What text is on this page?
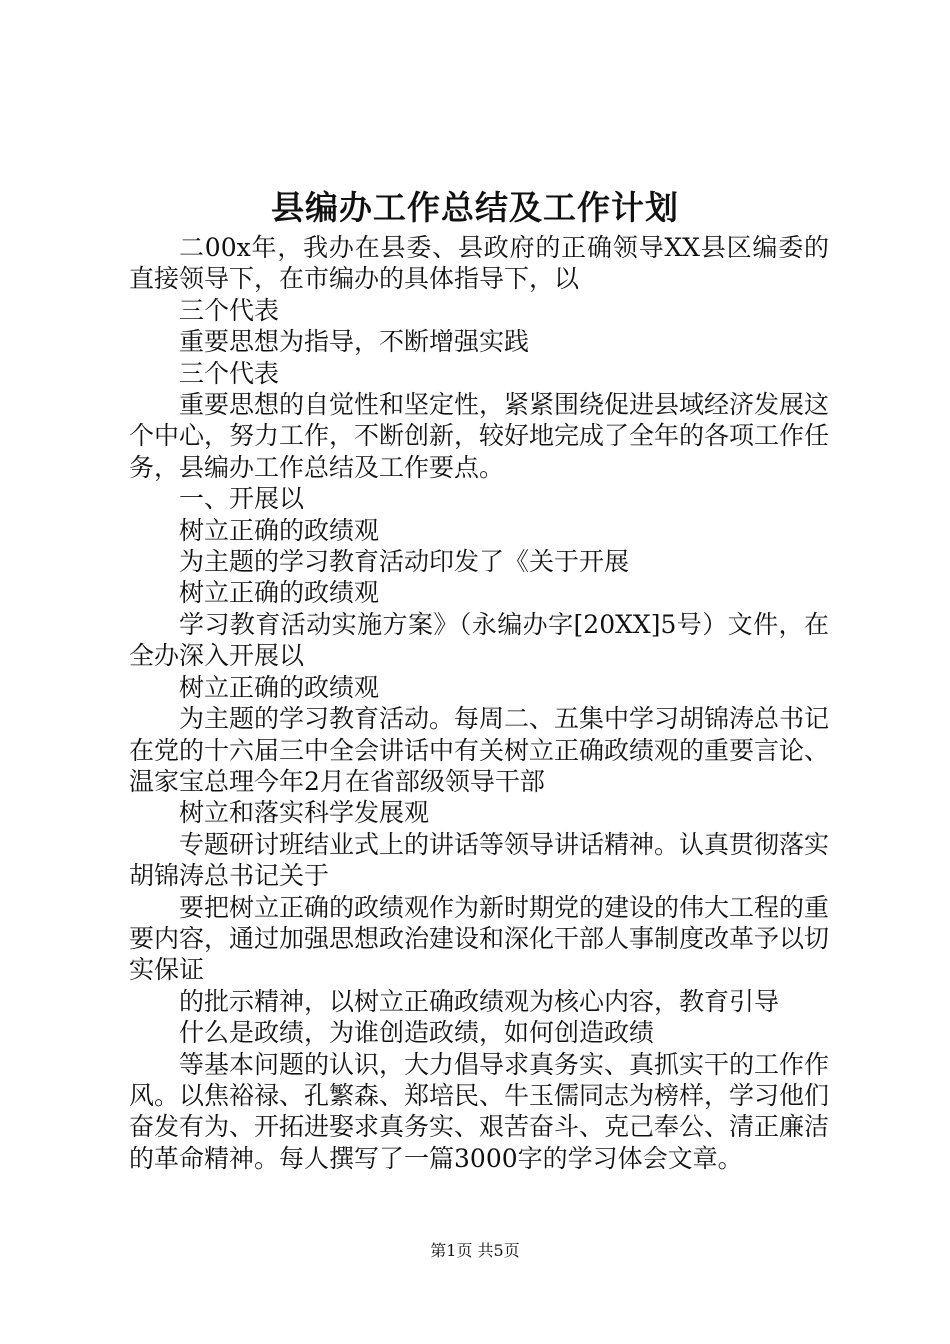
县编办工作总结及工作计划

二00x年，我办在县委、县政府的正确领导XX县区编委的直接领导下，在市编办的具体指导下，以

三个代表

重要思想为指导，不断增强实践

三个代表

重要思想的自觉性和坚定性，紧紧围绕促进县域经济发展这个中心，努力工作，不断创新，较好地完成了全年的各项工作任务，县编办工作总结及工作要点。

一、开展以

树立正确的政绩观

为主题的学习教育活动印发了《关于开展

树立正确的政绩观

学习教育活动实施方案》（永编办字[20XX]5号）文件，在全办深入开展以

树立正确的政绩观

为主题的学习教育活动。每周二、五集中学习胡锦涛总书记在党的十六届三中全会讲话中有关树立正确政绩观的重要言论、温家宝总理今年2月在省部级领导干部

树立和落实科学发展观

专题研讨班结业式上的讲话等领导讲话精神。认真贯彻落实胡锦涛总书记关于

要把树立正确的政绩观作为新时期党的建设的伟大工程的重要内容，通过加强思想政治建设和深化干部人事制度改革予以切实保证

的批示精神，以树立正确政绩观为核心内容，教育引导

什么是政绩，为谁创造政绩，如何创造政绩

等基本问题的认识，大力倡导求真务实、真抓实干的工作作风。以焦裕禄、孔繁森、郑培民、牛玉儒同志为榜样，学习他们奋发有为、开拓进娶求真务实、艰苦奋斗、克己奉公、清正廉洁的革命精神。每人撰写了一篇3000字的学习体会文章。

第1页 共5页
